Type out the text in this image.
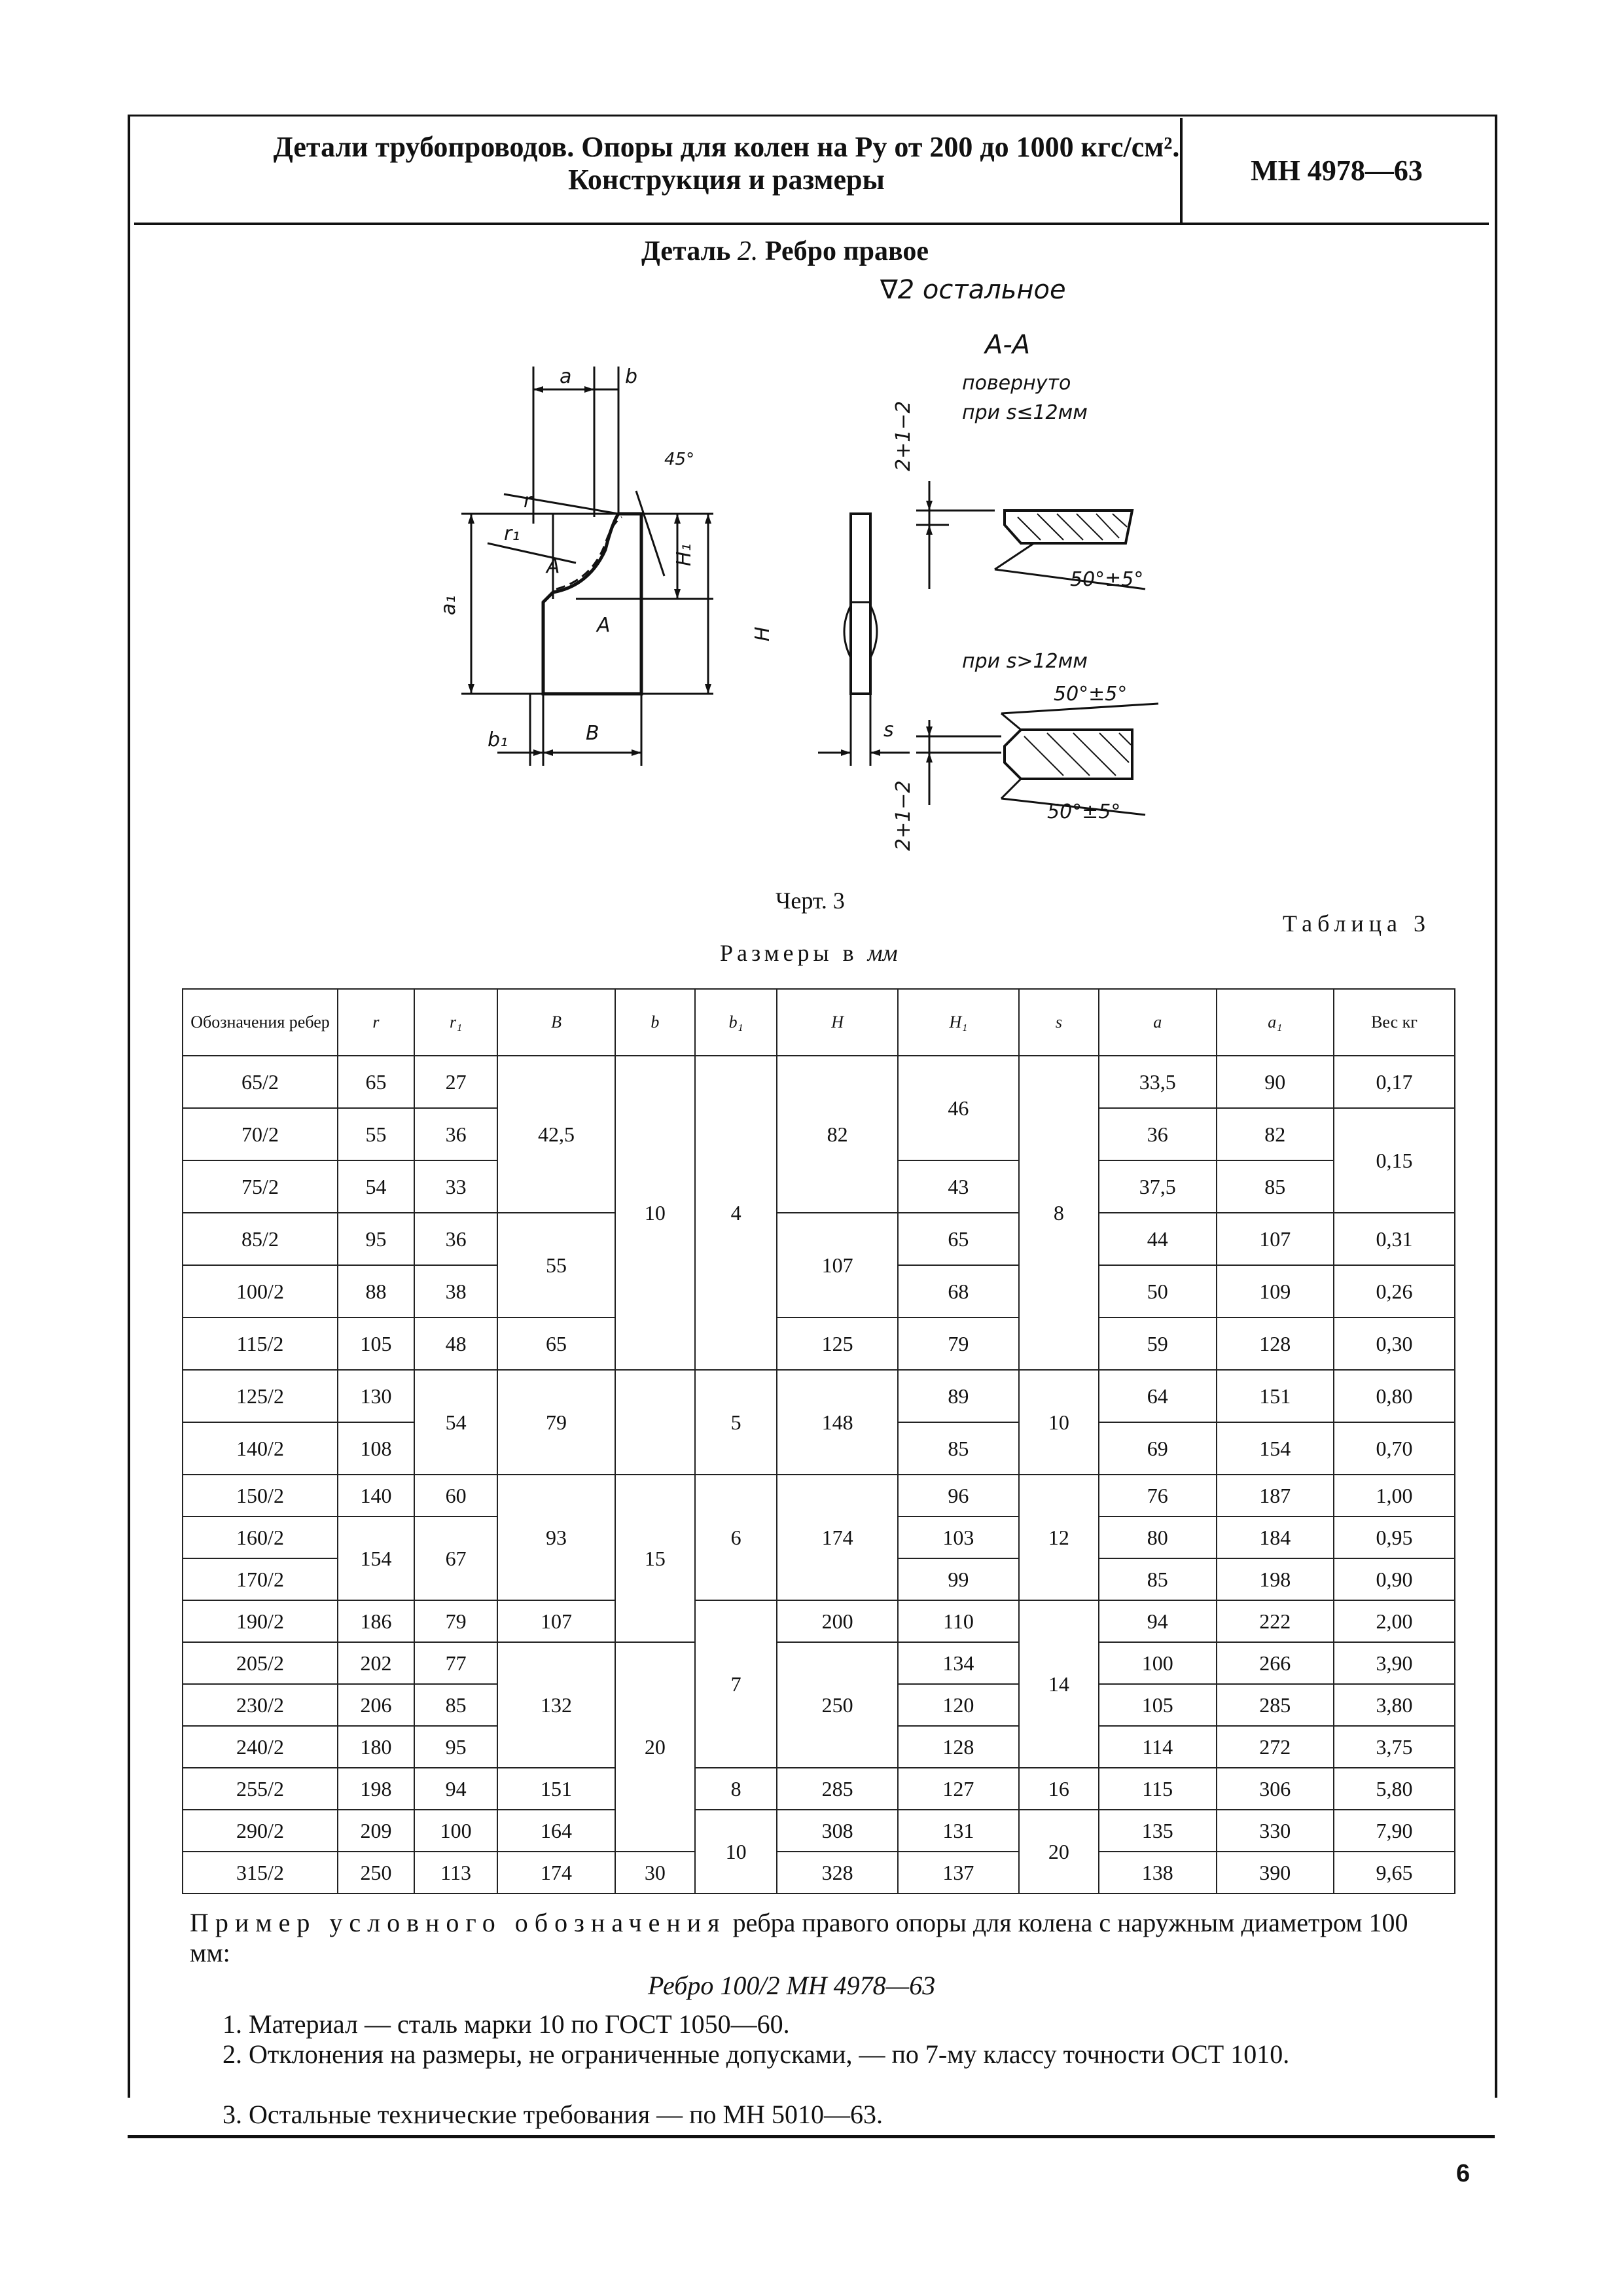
Детали трубопроводов. Опоры для колен на Pу от 200 до 1000 кгс/см².
Конструкция и размеры	МН 4978—63
Деталь 2. Ребро правое
∇2 остальное
a	b
r
r₁
A
A
45°
H₁
H
a₁
b₁	B	s
А-А
повернуто
при s≤12мм
50°±5°
при s>12мм
50°±5°
50°±5°
2+1−2
2+1−2
Черт. 3
Таблица 3
Размеры в мм
Обозначения ребер	r	r₁	B	b	b₁	H	H₁	s	a	a₁	Вес кг
65/2	65	27	42,5	10	4	82	46	8	33,5	90	0,17
70/2	55	36							36	82	0,15
75/2	54	33					43		37,5	85	
85/2	95	36	55			107	65		44	107	0,31
100/2	88	38					68		50	109	0,26
115/2	105	48	65			125	79		59	128	0,30
125/2	130	54	79		5	148	89	10	64	151	0,80
140/2	108						85		69	154	0,70
150/2	140	60	93	15	6	174	96	12	76	187	1,00
160/2	154	67					103		80	184	0,95
170/2							99		85	198	0,90
190/2	186	79	107		7	200	110	14	94	222	2,00
205/2	202	77	132	20		250	134		100	266	3,90
230/2	206	85					120		105	285	3,80
240/2	180	95					128		114	272	3,75
255/2	198	94	151		8	285	127	16	115	306	5,80
290/2	209	100	164		10	308	131	20	135	330	7,90
315/2	250	113	174	30		328	137		138	390	9,65
Пример условного обозначения ребра правого опоры для колена с наружным диаметром 100 мм:
Ребро 100/2 МН 4978—63
1. Материал — сталь марки 10 по ГОСТ 1050—60.
2. Отклонения на размеры, не ограниченные допусками, — по 7-му классу точности ОСТ 1010.
3. Остальные технические требования — по МН 5010—63.
6
